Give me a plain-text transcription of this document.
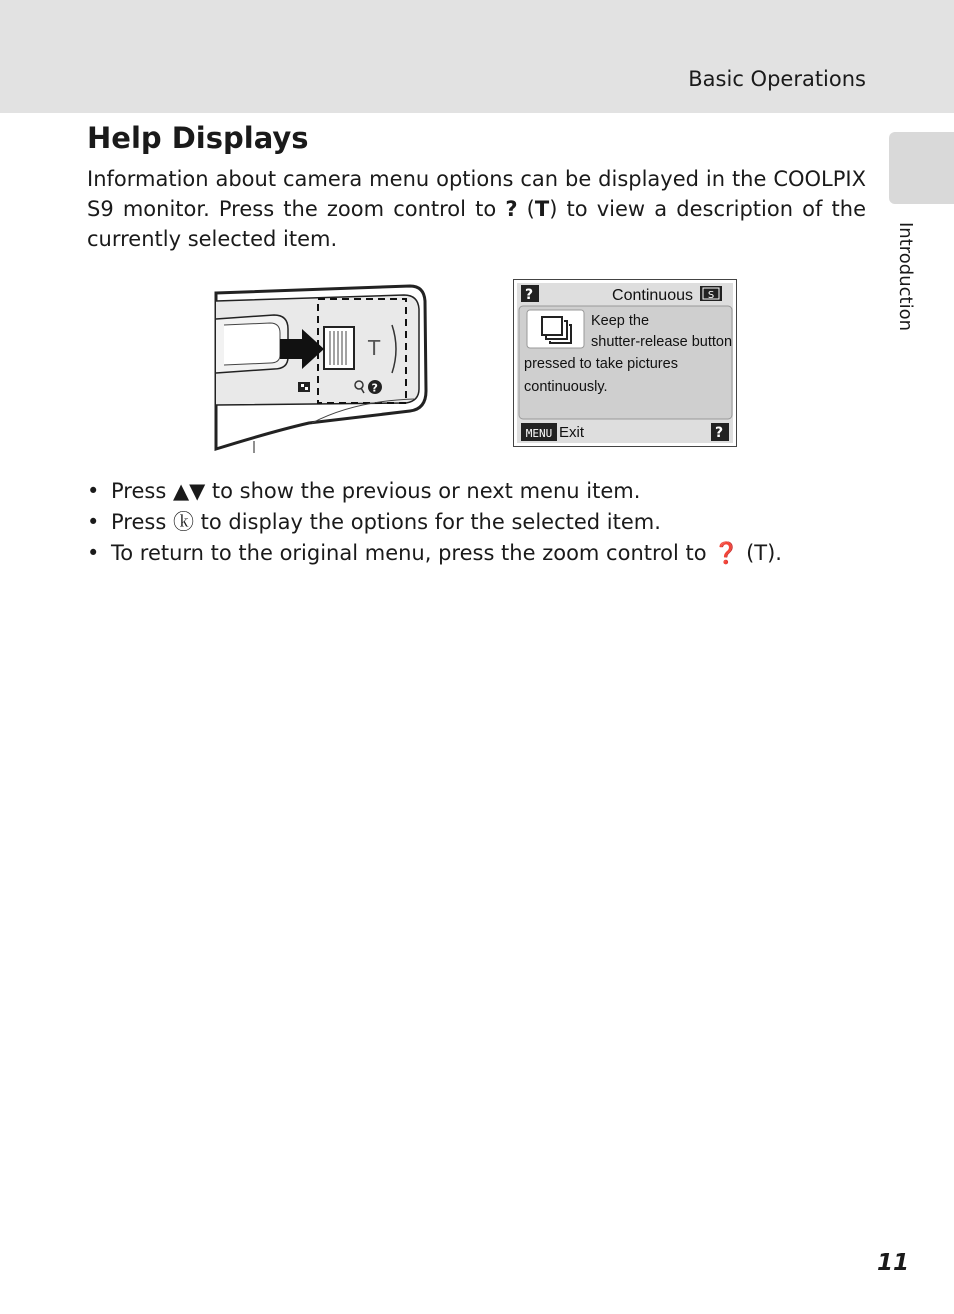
Basic Operations
Introduction
Help Displays

Information about camera menu options can be displayed in the COOLPIX S9 monitor. Press the zoom control to ? (T) to view a description of the currently selected item.

T
?
?	Continuous S
Keep the
shutter-release button
pressed to take pictures
continuously.
MENU Exit	?
• Press ▲▼ to show the previous or next menu item.
• Press ⓚ to display the options for the selected item.
• To return to the original menu, press the zoom control to ❓ (T).
11
